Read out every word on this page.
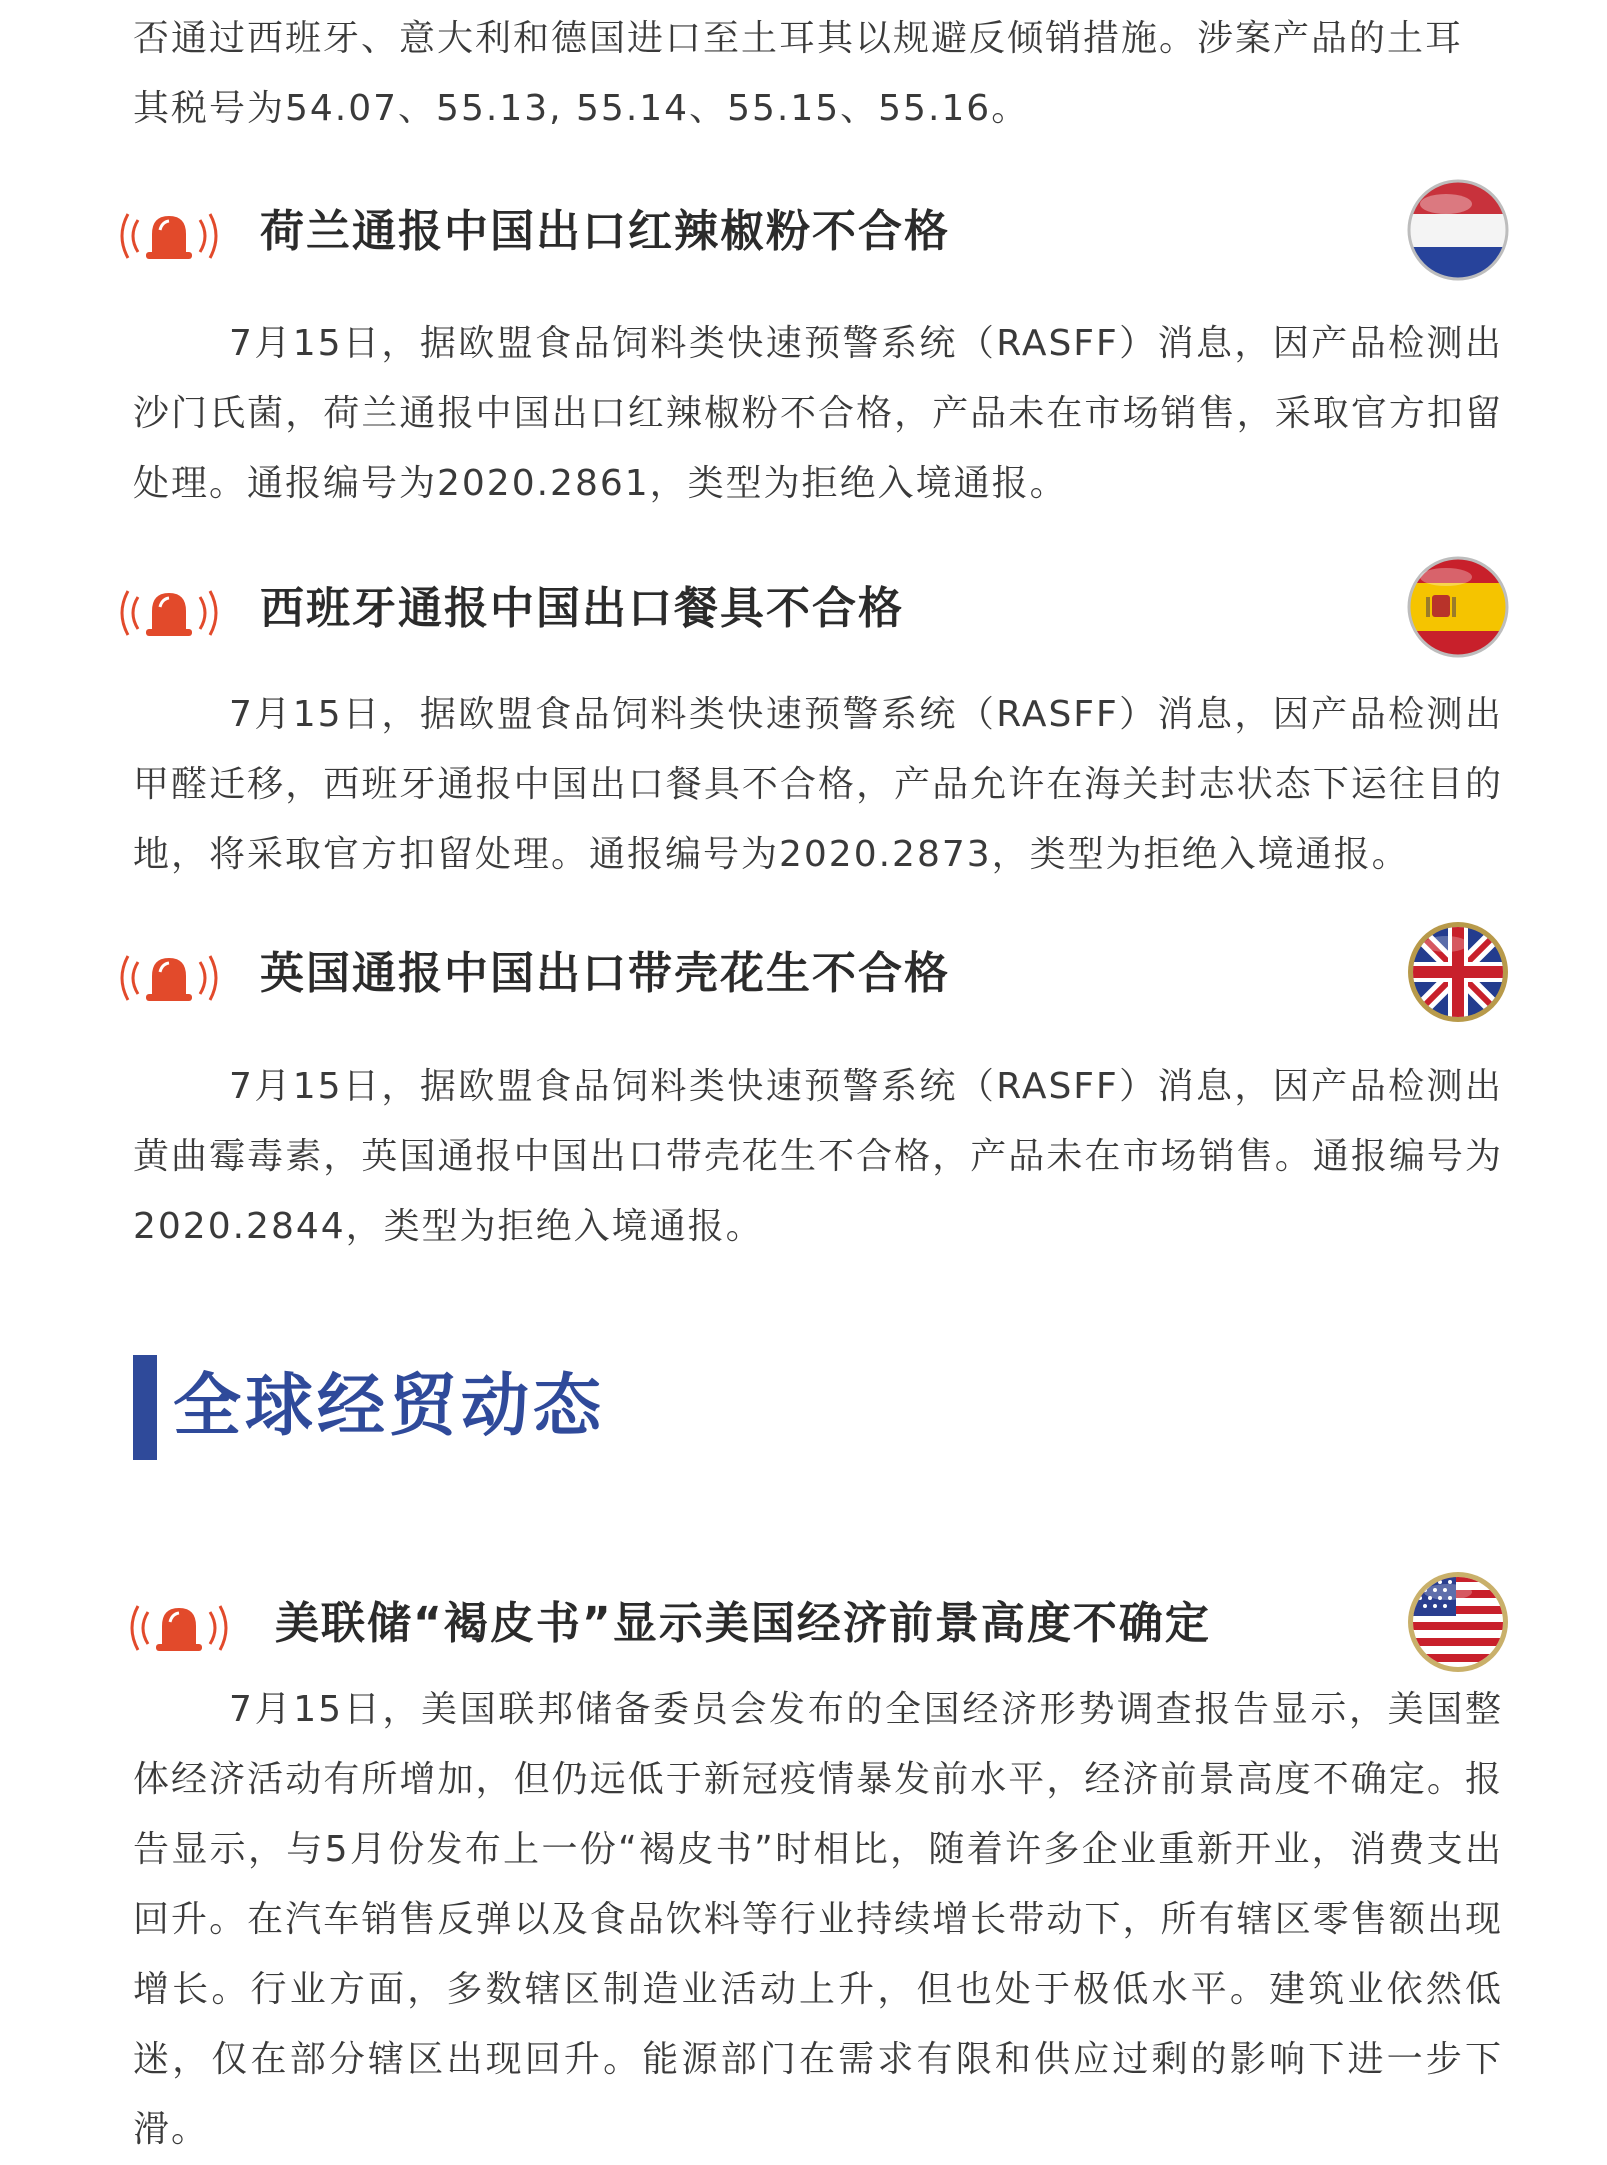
否通过西班牙、意大利和德国进口至土耳其以规避反倾销措施。涉案产品的土耳
其税号为54.07、55.13, 55.14、55.15、55.16。

荷兰通报中国出口红辣椒粉不合格

7月15日，据欧盟食品饲料类快速预警系统（RASFF）消息，因产品检测出沙门氏菌，荷兰通报中国出口红辣椒粉不合格，产品未在市场销售，采取官方扣留处理。通报编号为2020.2861，类型为拒绝入境通报。

西班牙通报中国出口餐具不合格

7月15日，据欧盟食品饲料类快速预警系统（RASFF）消息，因产品检测出甲醛迁移，西班牙通报中国出口餐具不合格，产品允许在海关封志状态下运往目的地，将采取官方扣留处理。通报编号为2020.2873，类型为拒绝入境通报。

英国通报中国出口带壳花生不合格

7月15日，据欧盟食品饲料类快速预警系统（RASFF）消息，因产品检测出黄曲霉毒素，英国通报中国出口带壳花生不合格，产品未在市场销售。通报编号为2020.2844，类型为拒绝入境通报。

全球经贸动态
美联储“褐皮书”显示美国经济前景高度不确定

7月15日，美国联邦储备委员会发布的全国经济形势调查报告显示，美国整体经济活动有所增加，但仍远低于新冠疫情暴发前水平，经济前景高度不确定。报告显示，与5月份发布上一份“褐皮书”时相比，随着许多企业重新开业，消费支出回升。在汽车销售反弹以及食品饮料等行业持续增长带动下，所有辖区零售额出现增长。行业方面，多数辖区制造业活动上升，但也处于极低水平。建筑业依然低迷，仅在部分辖区出现回升。能源部门在需求有限和供应过剩的影响下进一步下滑。
